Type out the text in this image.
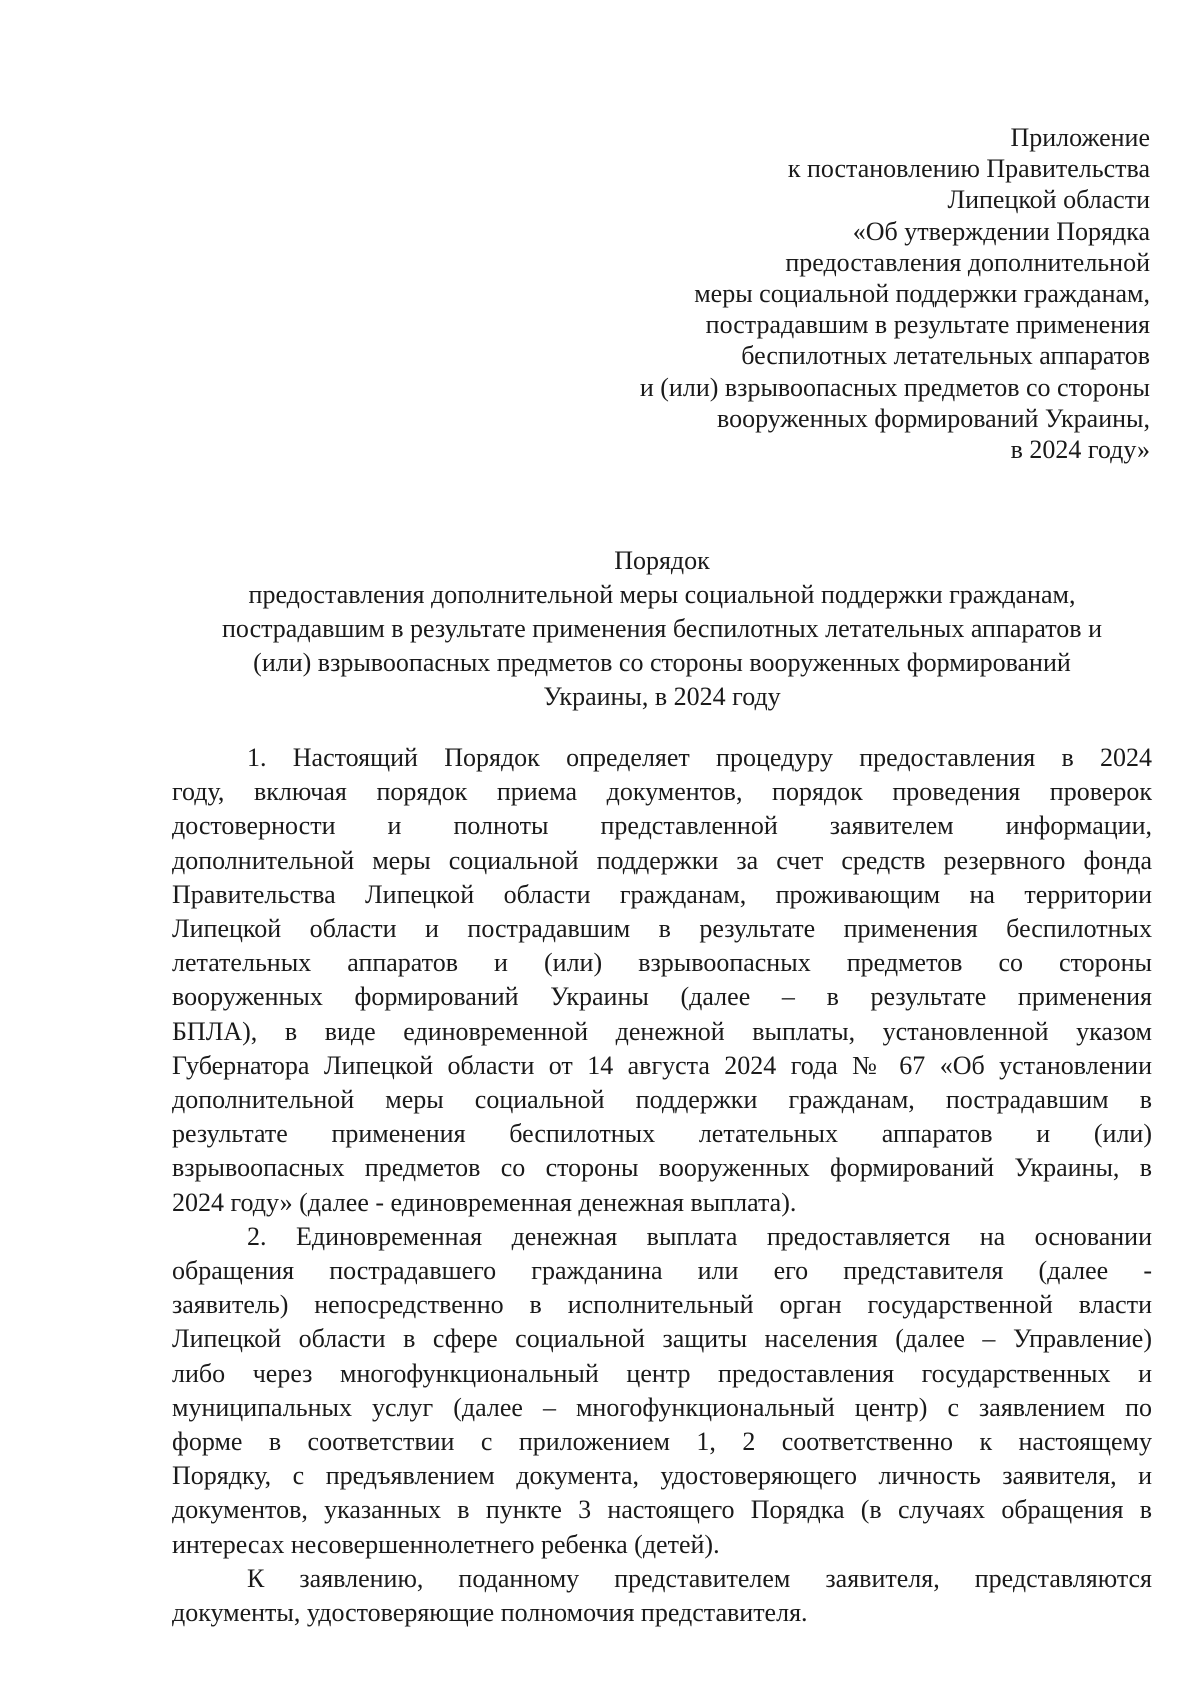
Приложение
к постановлению Правительства
Липецкой области
«Об утверждении Порядка
предоставления дополнительной
меры социальной поддержки гражданам,
пострадавшим в результате применения
беспилотных летательных аппаратов
и (или) взрывоопасных предметов со стороны
вооруженных формирований Украины,
в 2024 году»
Порядок
предоставления дополнительной меры социальной поддержки гражданам,
пострадавшим в результате применения беспилотных летательных аппаратов и
(или) взрывоопасных предметов со стороны вооруженных формирований
Украины, в 2024 году
1. Настоящий Порядок определяет процедуру предоставления в 2024
году, включая порядок приема документов, порядок проведения проверок
достоверности и полноты представленной заявителем информации,
дополнительной меры социальной поддержки за счет средств резервного фонда
Правительства Липецкой области гражданам, проживающим на территории
Липецкой области и пострадавшим в результате применения беспилотных
летательных аппаратов и (или) взрывоопасных предметов со стороны
вооруженных формирований Украины (далее – в результате применения
БПЛА), в виде единовременной денежной выплаты, установленной указом
Губернатора Липецкой области от 14 августа 2024 года № 67 «Об установлении
дополнительной меры социальной поддержки гражданам, пострадавшим в
результате применения беспилотных летательных аппаратов и (или)
взрывоопасных предметов со стороны вооруженных формирований Украины, в
2024 году» (далее - единовременная денежная выплата).
2. Единовременная денежная выплата предоставляется на основании
обращения пострадавшего гражданина или его представителя (далее -
заявитель) непосредственно в исполнительный орган государственной власти
Липецкой области в сфере социальной защиты населения (далее – Управление)
либо через многофункциональный центр предоставления государственных и
муниципальных услуг (далее – многофункциональный центр) с заявлением по
форме в соответствии с приложением 1, 2 соответственно к настоящему
Порядку, с предъявлением документа, удостоверяющего личность заявителя, и
документов, указанных в пункте 3 настоящего Порядка (в случаях обращения в
интересах несовершеннолетнего ребенка (детей).
К заявлению, поданному представителем заявителя, представляются
документы, удостоверяющие полномочия представителя.
